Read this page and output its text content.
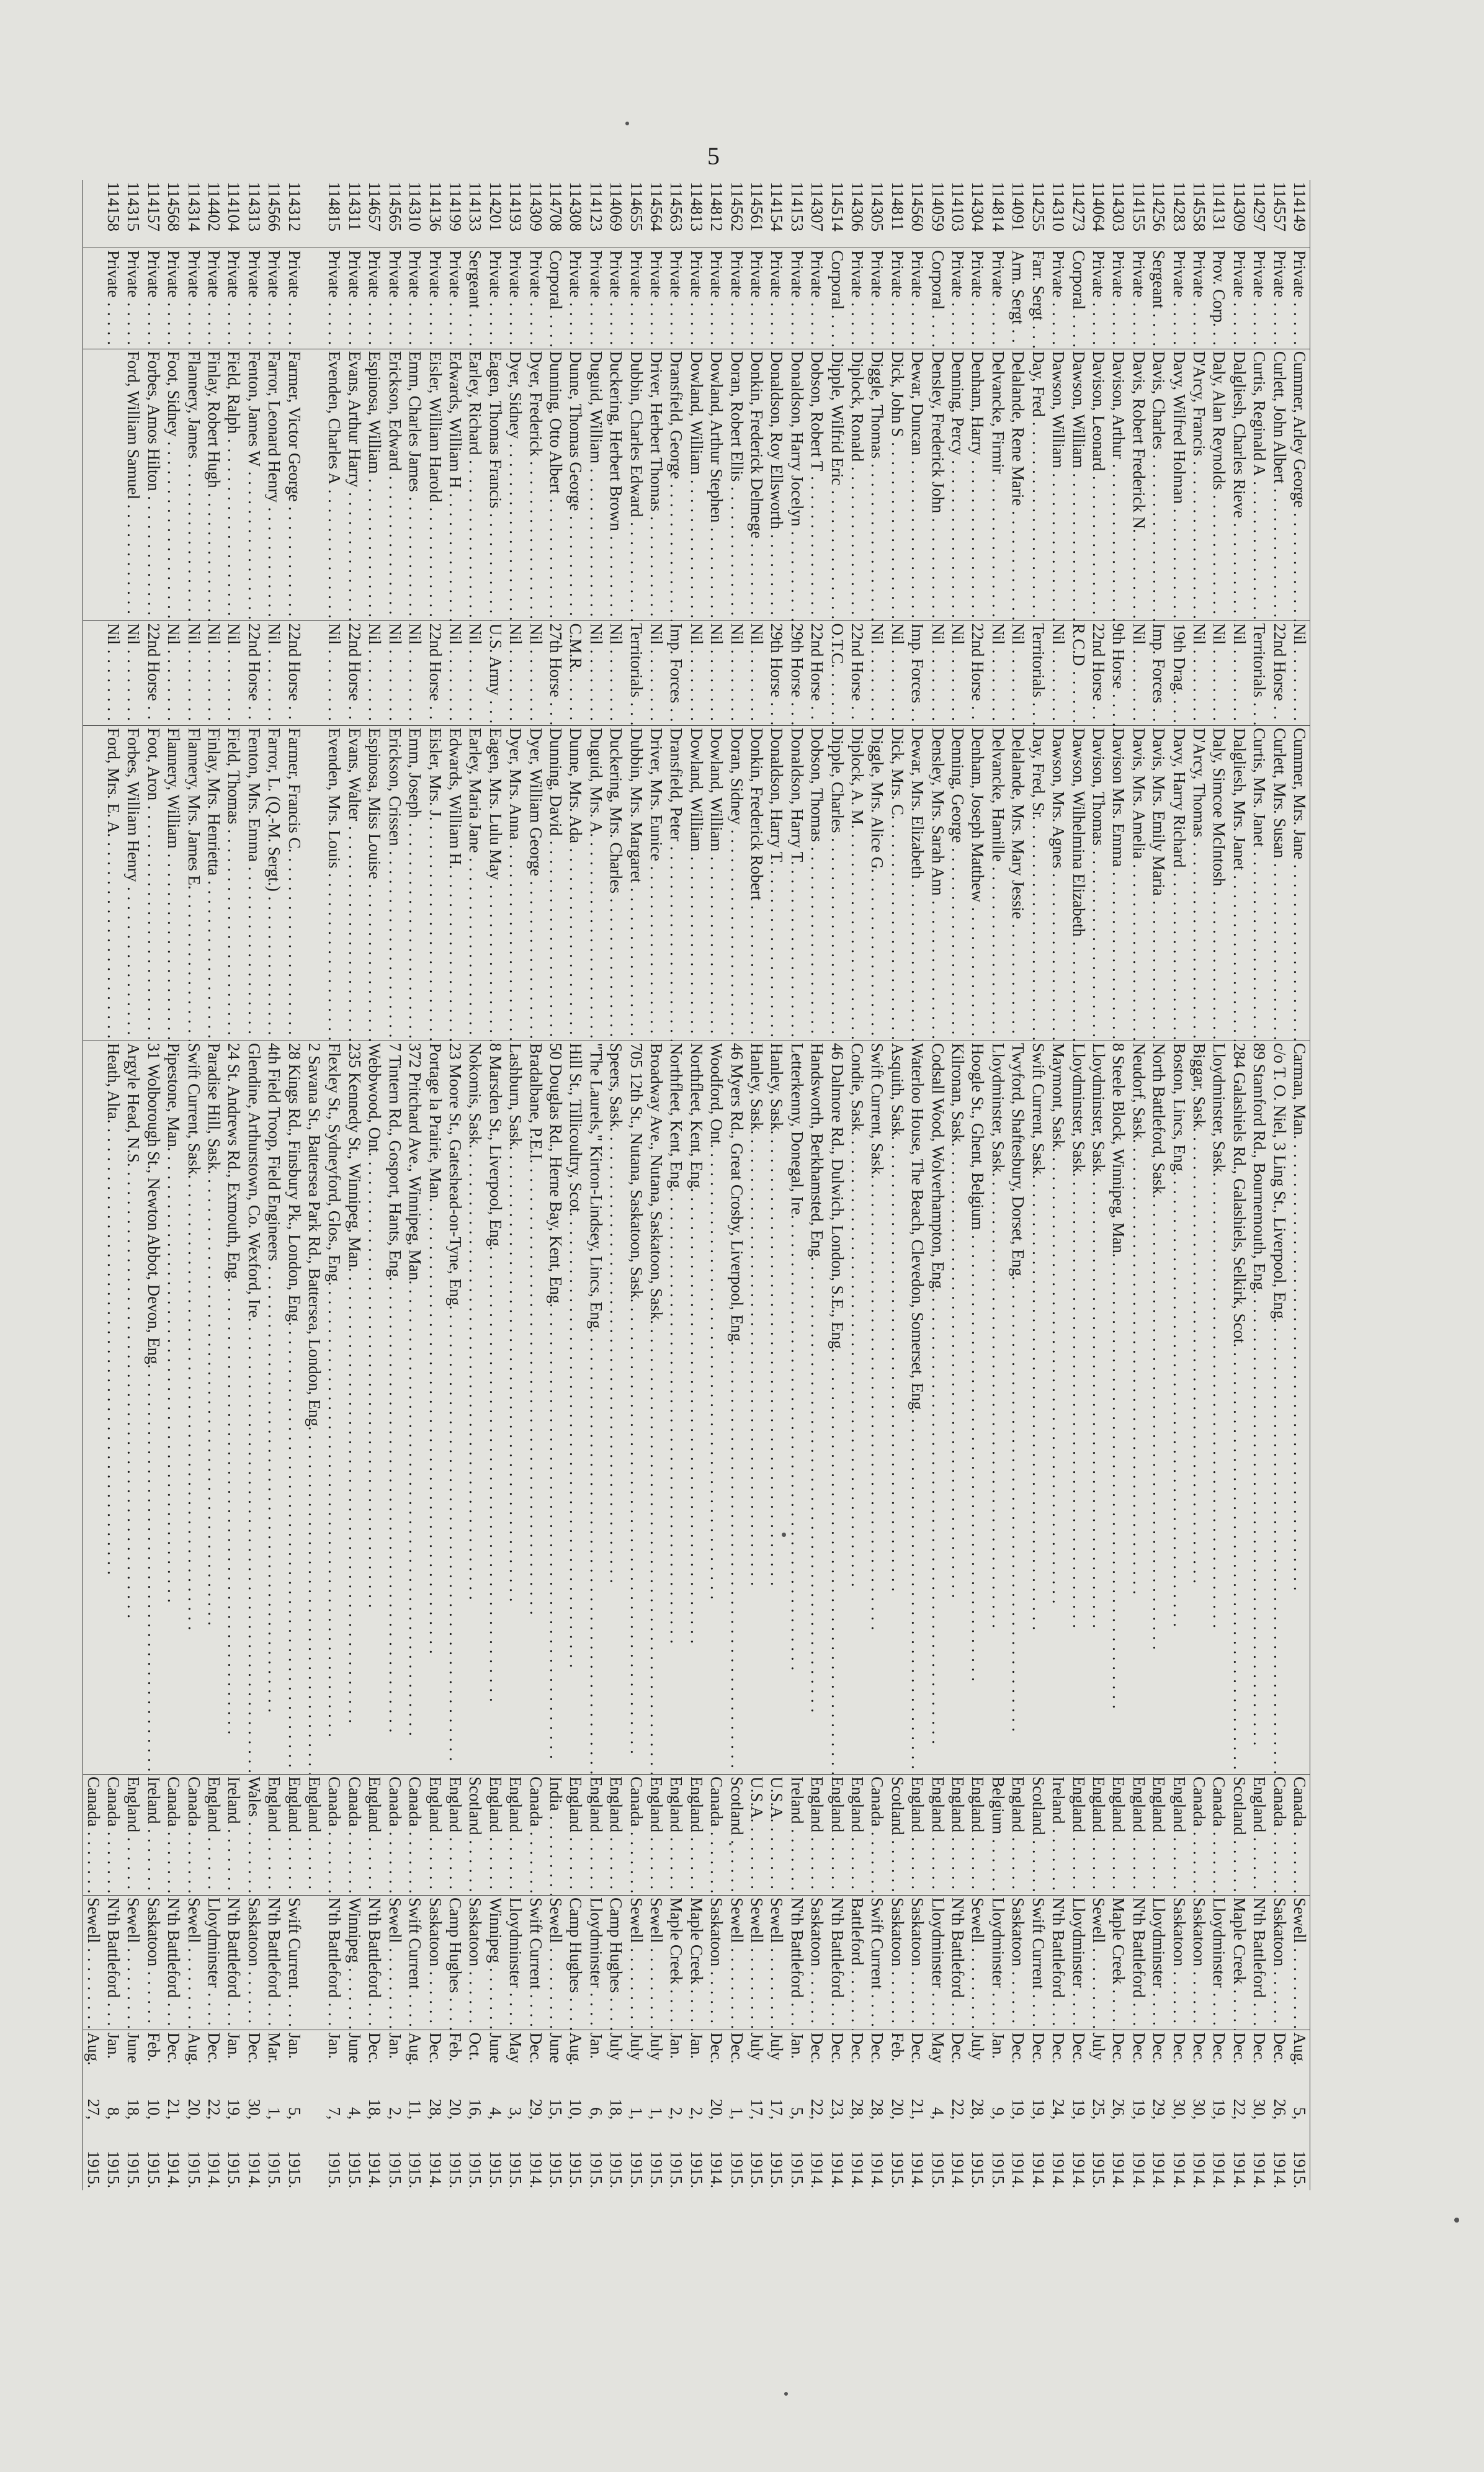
5
114149	Private . . .	Cummer, Arley George . . .	Nil . . .	Cummer, Mrs. Jane . . .	Carman, Man. . . .	Canada . . .	Sewell . . .	Aug.
5,
1915.

114557	Private . . .	Curlett, John Albert . . .	22nd Horse . . .	Curlett, Mrs. Susan . . .	c/o T. O. Niel, 3 Ling St., Liverpool, Eng. . . .	Canada . . .	Saskatoon . . .	Dec.
26,
1914.

114297	Private . . .	Curtis, Reginald A . . .	Territorials . . .	Curtis, Mrs. Janet . . .	89 Stamford Rd., Bournemouth, Eng. . . .	England . . .	N'th Battleford . . .	Dec.
30,
1914.

114309	Private . . .	Dalgliesh, Charles Rieve . . .	Nil . . .	Dalgliesh, Mrs. Janet . . .	284 Galashiels Rd., Galashiels, Selkirk, Scot. . . .	Scotland . . .	Maple Creek . . .	Dec.
22,
1914.

114131	Prov. Corp. . . .	Daly, Alan Reynolds . . .	Nil . . .	Daly, Simcoe McIntosh . . .	Lloydminster, Sask. . . .	Canada . . .	Lloydminster . . .	Dec.
19,
1914.

114558	Private . . .	D'Arcy, Francis . . .	Nil . . .	D'Arcy, Thomas . . .	Biggar, Sask. . . .	Canada . . .	Saskatoon . . .	Dec.
30,
1914.

114283	Private . . .	Davy, Wilfred Holman . . .	19th Drag. . . .	Davy, Harry Richard . . .	Boston, Lincs, Eng. . . .	England . . .	Saskatoon . . .	Dec.
30,
1914.

114256	Sergeant . . .	Davis, Charles . . .	Imp. Forces . . .	Davis, Mrs. Emily Maria . . .	North Battleford, Sask. . . .	England . . .	Lloydminster . . .	Dec.
29,
1914.

114155	Private . . .	Davis, Robert Frederick N. . . .	Nil . . .	Davis, Mrs. Amelia . . .	Neudorf, Sask. . . .	England . . .	N'th Battleford . . .	Dec.
19,
1914.

114303	Private . . .	Davison, Arthur . . .	9th Horse . . .	Davison Mrs. Emma . . .	8 Steele Block, Winnipeg, Man. . . .	England . . .	Maple Creek . . .	Dec.
26,
1914.

114064	Private . . .	Davison, Leonard . . .	22nd Horse . . .	Davison, Thomas . . .	Lloydminster, Sask. . . .	England . . .	Sewell . . .	July
25,
1915.

114273	Corporal . . .	Dawson, William . . .	R.C.D . . .	Dawson, Wilhelmina Elizabeth . . .	Lloydminster, Sask. . . .	England . . .	Lloydminster . . .	Dec.
19,
1914.

114310	Private . . .	Dawson, William . . .	Nil . . .	Dawson, Mrs. Agnes . . .	Maymont, Sask. . . .	Ireland . . .	N'th Battleford . . .	Dec.
24,
1914.

114255	Farr. Sergt . . .	Day, Fred . . .	Territorials . . .	Day, Fred, Sr. . . .	Swift Current, Sask. . . .	Scotland . . .	Swift Current . . .	Dec.
19,
1914.

114091	Arm. Sergt . . .	Delalande, Rene Marie . . .	Nil . . .	Delalande, Mrs. Mary Jessie . . .	Twyford, Shaftesbury, Dorset, Eng. . . .	England . . .	Saskatoon . . .	Dec.
19,
1914.

114814	Private . . .	Delvancke, Firmir . . .	Nil . . .	Delvancke, Hamille . . .	Lloydminster, Sask. . . .	Belgium . . .	Lloydminster . . .	Jan.
9,
1915.

114304	Private . . .	Denham, Harry . . .	22nd Horse . . .	Denham, Joseph Matthew . . .	Hoogle St., Ghent, Belgium . . .	England . . .	Sewell . . .	July
28,
1915.

114103	Private . . .	Denning, Percy . . .	Nil . . .	Denning, George . . .	Kilronan, Sask. . . .	England . . .	N'th Battleford . . .	Dec.
22,
1914.

114059	Corporal . . .	Densley, Frederick John . . .	Nil . . .	Densley, Mrs. Sarah Ann . . .	Codsall Wood, Wolverhampton, Eng. . . .	England . . .	Lloydminster . . .	May
4,
1915.

114560	Private . . .	Dewar, Duncan . . .	Imp. Forces . . .	Dewar, Mrs. Elizabeth . . .	Waterloo House, The Beach, Clevedon, Somerset, Eng. . . .	England . . .	Saskatoon . . .	Dec.
21,
1914.

114811	Private . . .	Dick, John S . . .	Nil . . .	Dick, Mrs. C. . . .	Asquith, Sask. . . .	Scotland . . .	Saskatoon . . .	Feb.
20,
1915.

114305	Private . . .	Diggle, Thomas . . .	Nil . . .	Diggle, Mrs. Alice G. . . .	Swift Current, Sask. . . .	Canada . . .	Swift Current . . .	Dec.
28,
1914.

114306	Private . . .	Diplock, Ronald . . .	22nd Horse . . .	Diplock, A. M. . . .	Condie, Sask. . . .	England . . .	Battleford . . .	Dec.
28,
1914.

114514	Corporal . . .	Dipple, Wilfrid Eric . . .	O.T.C. . . .	Dipple, Charles . . .	46 Dalmore Rd., Dulwich, London, S.E., Eng. . . .	England . . .	N'th Battleford . . .	Dec.
23,
1914.

114307	Private . . .	Dobson, Robert T . . .	22nd Horse . . .	Dobson, Thomas . . .	Handsworth, Berkhamsted, Eng. . . .	England . . .	Saskatoon . . .	Dec.
22,
1914.

114153	Private . . .	Donaldson, Harry Jocelyn . . .	29th Horse . . .	Donaldson, Harry T. . . .	Letterkenny, Donegal, Ire. . . .	Ireland . . .	N'th Battleford . . .	Jan.
5,
1915.

114154	Private . . .	Donaldson, Roy Ellsworth . . .	29th Horse . . .	Donaldson, Harry T. . . .	Hanley, Sask. . . .	U.S.A. . . .	Sewell . . .	July
17,
1915.

114561	Private . . .	Donkin, Frederick Delmege . . .	Nil . . .	Donkin, Frederick Robert . . .	Hanley, Sask. . . .	U.S.A. . . .	Sewell . . .	July
17,
1915.

114562	Private . . .	Doran, Robert Ellis . . .	Nil . . .	Doran, Sidney . . .	46 Myers Rd., Great Crosby, Liverpool, Eng. . . .	Scotland . . .	Sewell . . .	Dec.
1,
1915.

114812	Private . . .	Dowland, Arthur Stephen . . .	Nil . . .	Dowland, William . . .	Woodford, Ont. . . .	Canada . . .	Saskatoon . . .	Dec.
20,
1914.

114813	Private . . .	Dowland, William . . .	Nil . . .	Dowland, William . . .	Northfleet, Kent, Eng. . . .	England . . .	Maple Creek . . .	Jan.
2,
1915.

114563	Private . . .	Dransfield, George . . .	Imp. Forces . . .	Dransfield, Peter . . .	Northfleet, Kent, Eng. . . .	England . . .	Maple Creek . . .	Jan.
2,
1915.

114564	Private . . .	Driver, Herbert Thomas . . .	Nil . . .	Driver, Mrs. Eunice . . .	Broadway Ave., Nutana, Saskatoon, Sask. . . .	England . . .	Sewell . . .	July
1,
1915.

114655	Private . . .	Dubbin, Charles Edward . . .	Territorials . . .	Dubbin, Mrs. Margaret . . .	705 12th St., Nutana, Saskatoon, Sask. . . .	Canada . . .	Sewell . . .	July
1,
1915.

114069	Private . . .	Duckering, Herbert Brown . . .	Nil . . .	Duckering, Mrs. Charles . . .	Speers, Sask. . . .	England . . .	Camp Hughes . . .	July
18,
1915.

114123	Private . . .	Duguid, William . . .	Nil . . .	Duguid, Mrs. A. . . .	"The Laurels," Kirton-Lindsey, Lincs, Eng. . . .	England . . .	Lloydminster . . .	Jan.
6,
1915.

114308	Private . . .	Dunne, Thomas George . . .	C.M.R. . . .	Dunne, Mrs. Ada . . .	Hill St., Tillicoultry, Scot. . . .	England . . .	Camp Hughes . . .	Aug.
10,
1915.

114708	Corporal . . .	Dunning, Otto Albert . . .	27th Horse . . .	Dunning, David . . .	50 Douglas Rd., Herne Bay, Kent, Eng. . . .	India . . .	Sewell . . .	June
15,
1915.

114309	Private . . .	Dyer, Frederick . . .	Nil . . .	Dyer, William George . . .	Bradalbane, P.E.I. . . .	Canada . . .	Swift Current . . .	Dec.
29,
1914.

114193	Private . . .	Dyer, Sidney . . .	Nil . . .	Dyer, Mrs. Anna . . .	Lashburn, Sask. . . .	England . . .	Lloydminster . . .	May
3,
1915.

114201	Private . . .	Eagen, Thomas Francis . . .	U.S. Army . . .	Eagen, Mrs. Lulu May . . .	8 Marsden St., Liverpool, Eng. . . .	England . . .	Winnipeg . . .	June
4,
1915.

114133	Sergeant . . .	Earley, Richard . . .	Nil . . .	Earley, Maria Jane . . .	Nokomis, Sask. . . .	Scotland . . .	Saskatoon . . .	Oct.
16,
1915.

114199	Private . . .	Edwards, William H . . .	Nil . . .	Edwards, William H. . . .	23 Moore St., Gateshead-on-Tyne, Eng. . . .	England . . .	Camp Hughes . . .	Feb.
20,
1915.

114136	Private . . .	Eisler, William Harold . . .	22nd Horse . . .	Eisler, Mrs. J. . . .	Portage la Prairie, Man. . . .	England . . .	Saskatoon . . .	Dec.
28,
1914.

114310	Private . . .	Emm, Charles James . . .	Nil . . .	Emm, Joseph . . .	372 Pritchard Ave., Winnipeg, Man. . . .	Canada . . .	Swift Current . . .	Aug.
11,
1915.

114565	Private . . .	Erickson, Edward . . .	Nil . . .	Erickson, Crissen . . .	7 Tintern Rd., Gosport, Hants, Eng. . . .	Canada . . .	Sewell . . .	Jan.
2,
1915.

114657	Private . . .	Espinosa, William . . .	Nil . . .	Espinosa, Miss Louise . . .	Webbwood, Ont. . . .	England . . .	N'th Battleford . . .	Dec.
18,
1914.

114311	Private . . .	Evans, Arthur Harry . . .	22nd Horse . . .	Evans, Walter . . .	235 Kennedy St., Winnipeg, Man. . . .	Canada . . .	Winnipeg . . .	June
4,
1915.

114815	Private . . .	Evenden, Charles A . . .	Nil . . .	Evenden, Mrs. Louis . . .	Flexley St., Sydneyford, Glos., Eng. . . .	Canada . . .	N'th Battleford . . .	Jan.
7,
1915.

					2 Savana St., Battersea Park Rd., Battersea, London, Eng. . . .	England . . .		

114312	Private . . .	Farmer, Victor George . . .	22nd Horse . . .	Farmer, Francis C. . . .	28 Kings Rd., Finsbury Pk., London, Eng. . . .	England . . .	Swift Current . . .	Jan.
5,
1915.

114566	Private . . .	Farror, Leonard Henry . . .	Nil . . .	Farror, L. (Q.-M. Sergt.) . . .	4th Field Troop, Field Engineers . . .	England . . .	N'th Battleford . . .	Mar.
1,
1915.

114313	Private . . .	Fenton, James W . . .	22nd Horse . . .	Fenton, Mrs. Emma . . .	Glendine, Arthurstown, Co. Wexford, Ire. . . .	Wales . . .	Saskatoon . . .	Dec.
30,
1914.

114104	Private . . .	Field, Ralph . . .	Nil . . .	Field, Thomas . . .	24 St. Andrews Rd., Exmouth, Eng. . . .	Ireland . . .	N'th Battleford . . .	Jan.
19,
1915.

114402	Private . . .	Finlay, Robert Hugh . . .	Nil . . .	Finlay, Mrs. Henrietta . . .	Paradise Hill, Sask. . . .	England . . .	Lloydminster . . .	Dec.
22,
1914.

114314	Private . . .	Flannery, James . . .	Nil . . .	Flannery, Mrs. James E. . . .	Swift Current, Sask. . . .	Canada . . .	Sewell . . .	Aug.
20,
1915.

114568	Private . . .	Foot, Sidney . . .	Nil . . .	Flannery, William . . .	Pipestone, Man. . . .	Canada . . .	N'th Battleford . . .	Dec.
21,
1914.

114157	Private . . .	Forbes, Amos Hilton . . .	22nd Horse . . .	Foot, Aron . . .	31 Wolborough St., Newton Abbot, Devon, Eng. . . .	Ireland . . .	Saskatoon . . .	Feb.
10,
1915.

114315	Private . . .	Ford, William Samuel . . .	Nil . . .	Forbes, William Henry . . .	Argyle Head, N.S. . . .	England . . .	Sewell . . .	June
18,
1915.

114158	Private . . .		Nil . . .	Ford, Mrs. E. A. . . .	Heath, Alta. . . .	Canada . . .	N'th Battleford . . .	Jan.
8,
1915.

						Canada . . .	Sewell . . .	Aug.
27,
1915.
